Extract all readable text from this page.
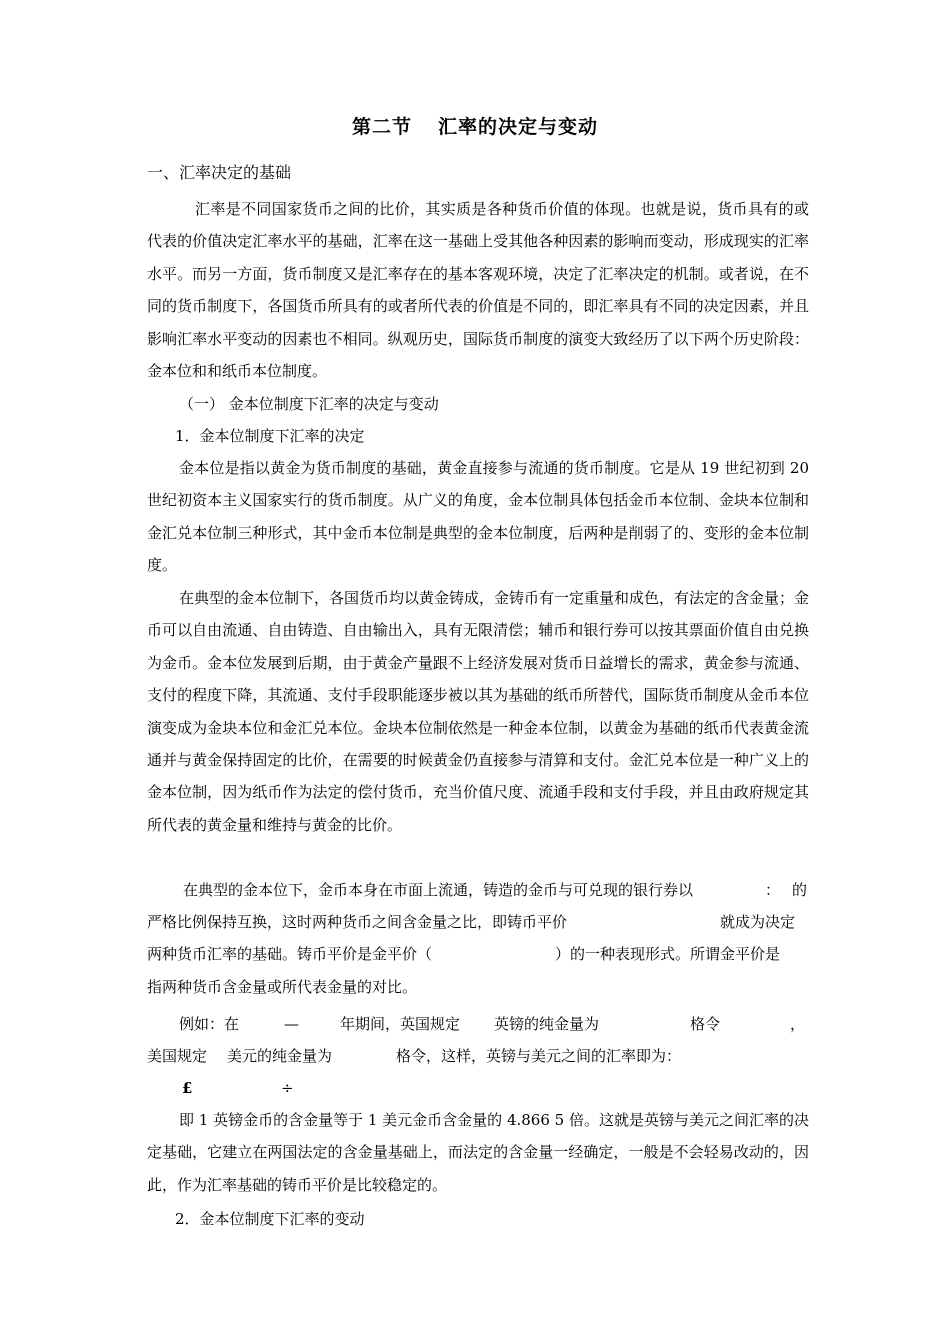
第二节 汇率的决定与变动
一、汇率决定的基础

汇率是不同国家货币之间的比价，其实质是各种货币价值的体现。也就是说，货币具有的或代表的价值决定汇率水平的基础，汇率在这一基础上受其他各种因素的影响而变动，形成现实的汇率水平。而另一方面，货币制度又是汇率存在的基本客观环境，决定了汇率决定的机制。或者说，在不同的货币制度下，各国货币所具有的或者所代表的价值是不同的，即汇率具有不同的决定因素，并且影响汇率水平变动的因素也不相同。纵观历史，国际货币制度的演变大致经历了以下两个历史阶段：金本位和和纸币本位制度。

（一） 金本位制度下汇率的决定与变动
1．金本位制度下汇率的决定

金本位是指以黄金为货币制度的基础，黄金直接参与流通的货币制度。它是从 19 世纪初到 20 世纪初资本主义国家实行的货币制度。从广义的角度，金本位制具体包括金币本位制、金块本位制和金汇兑本位制三种形式，其中金币本位制是典型的金本位制度，后两种是削弱了的、变形的金本位制度。

在典型的金本位制下，各国货币均以黄金铸成，金铸币有一定重量和成色，有法定的含金量；金币可以自由流通、自由铸造、自由输出入，具有无限清偿；辅币和银行券可以按其票面价值自由兑换为金币。金本位发展到后期，由于黄金产量跟不上经济发展对货币日益增长的需求，黄金参与流通、支付的程度下降，其流通、支付手段职能逐步被以其为基础的纸币所替代，国际货币制度从金币本位演变成为金块本位和金汇兑本位。金块本位制依然是一种金本位制，以黄金为基础的纸币代表黄金流通并与黄金保持固定的比价，在需要的时候黄金仍直接参与清算和支付。金汇兑本位是一种广义上的金本位制，因为纸币作为法定的偿付货币，充当价值尺度、流通手段和支付手段，并且由政府规定其所代表的黄金量和维持与黄金的比价。

在典型的金本位下，金币本身在市面上流通，铸造的金币与可兑现的银行券以	： 的
严格比例保持互换，这时两种货币之间含金量之比，即铸币平价	就成为决定
两种货币汇率的基础。铸币平价是金平价（	）的一种表现形式。所谓金平价是
指两种货币含金量或所代表金量的对比。
例如：在	—	年期间，英国规定 英镑的纯金量为	格令	，
美国规定 美元的纯金量为	格令，这样，英镑与美元之间的汇率即为：
£	÷

即 1 英镑金币的含金量等于 1 美元金币含金量的 4.866 5 倍。这就是英镑与美元之间汇率的决定基础，它建立在两国法定的含金量基础上，而法定的含金量一经确定，一般是不会轻易改动的，因此，作为汇率基础的铸币平价是比较稳定的。

2．金本位制度下汇率的变动
